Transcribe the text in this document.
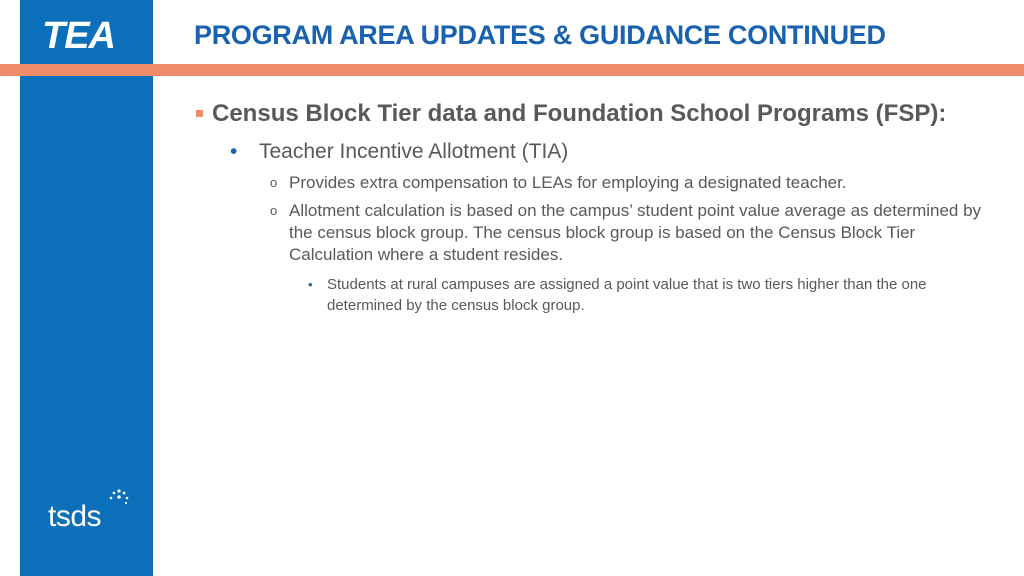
TEA
tsds
PROGRAM AREA UPDATES & GUIDANCE CONTINUED
Census Block Tier data and Foundation School Programs (FSP):
• Teacher Incentive Allotment (TIA)
o Provides extra compensation to LEAs for employing a designated teacher.
o Allotment calculation is based on the campus’ student point value average as determined by the census block group. The census block group is based on the Census Block Tier Calculation where a student resides.
• Students at rural campuses are assigned a point value that is two tiers higher than the one determined by the census block group.
